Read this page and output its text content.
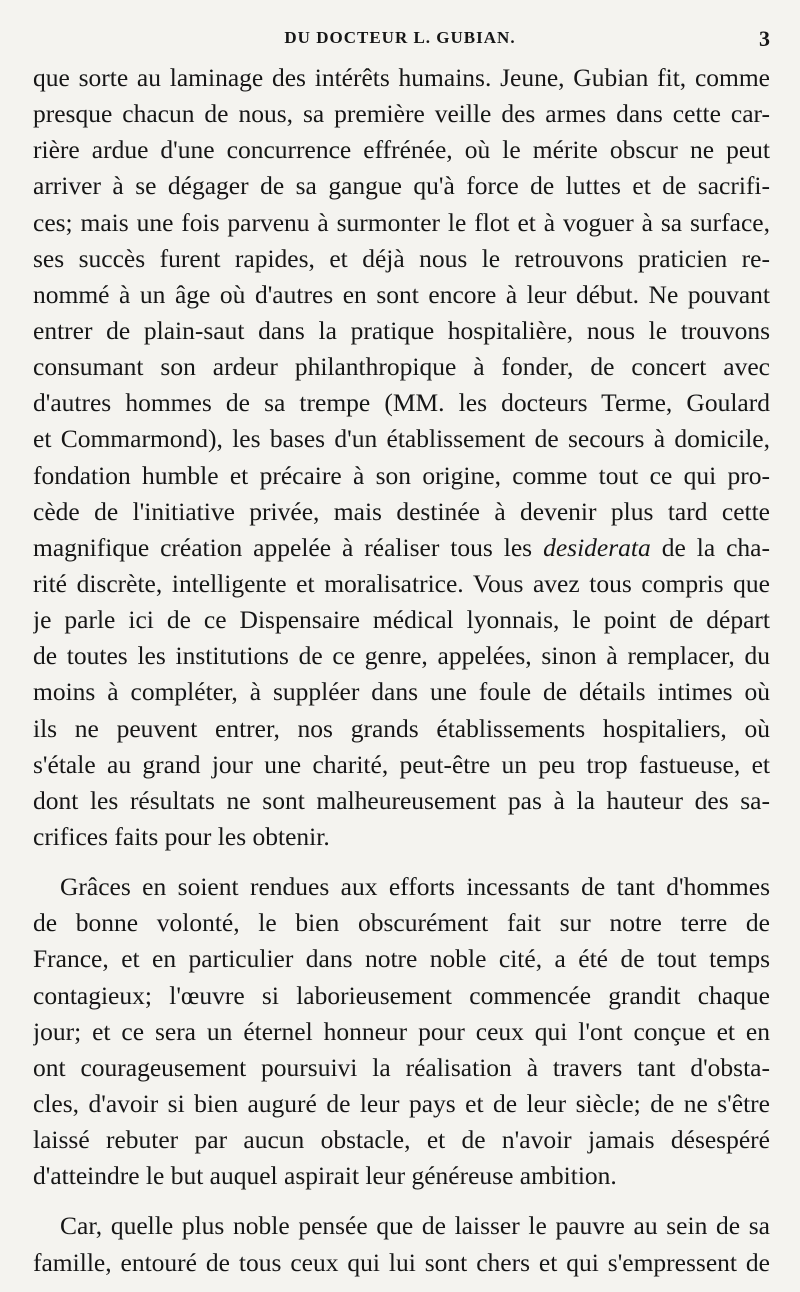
DU DOCTEUR L. GUBIAN.	3
que sorte au laminage des intérêts humains. Jeune, Gubian fit, comme
presque chacun de nous, sa première veille des armes dans cette car-
rière ardue d'une concurrence effrénée, où le mérite obscur ne peut
arriver à se dégager de sa gangue qu'à force de luttes et de sacrifi-
ces; mais une fois parvenu à surmonter le flot et à voguer à sa surface,
ses succès furent rapides, et déjà nous le retrouvons praticien re-
nommé à un âge où d'autres en sont encore à leur début. Ne pouvant
entrer de plain-saut dans la pratique hospitalière, nous le trouvons
consumant son ardeur philanthropique à fonder, de concert avec
d'autres hommes de sa trempe (MM. les docteurs Terme, Goulard
et Commarmond), les bases d'un établissement de secours à domicile,
fondation humble et précaire à son origine, comme tout ce qui pro-
cède de l'initiative privée, mais destinée à devenir plus tard cette
magnifique création appelée à réaliser tous les desiderata de la cha-
rité discrète, intelligente et moralisatrice. Vous avez tous compris que
je parle ici de ce Dispensaire médical lyonnais, le point de départ
de toutes les institutions de ce genre, appelées, sinon à remplacer, du
moins à compléter, à suppléer dans une foule de détails intimes où
ils ne peuvent entrer, nos grands établissements hospitaliers, où
s'étale au grand jour une charité, peut-être un peu trop fastueuse, et
dont les résultats ne sont malheureusement pas à la hauteur des sa-
crifices faits pour les obtenir.
Grâces en soient rendues aux efforts incessants de tant d'hommes
de bonne volonté, le bien obscurément fait sur notre terre de
France, et en particulier dans notre noble cité, a été de tout temps
contagieux; l'œuvre si laborieusement commencée grandit chaque
jour; et ce sera un éternel honneur pour ceux qui l'ont conçue et en
ont courageusement poursuivi la réalisation à travers tant d'obsta-
cles, d'avoir si bien auguré de leur pays et de leur siècle; de ne s'être
laissé rebuter par aucun obstacle, et de n'avoir jamais désespéré
d'atteindre le but auquel aspirait leur généreuse ambition.
Car, quelle plus noble pensée que de laisser le pauvre au sein de sa
famille, entouré de tous ceux qui lui sont chers et qui s'empressent de
